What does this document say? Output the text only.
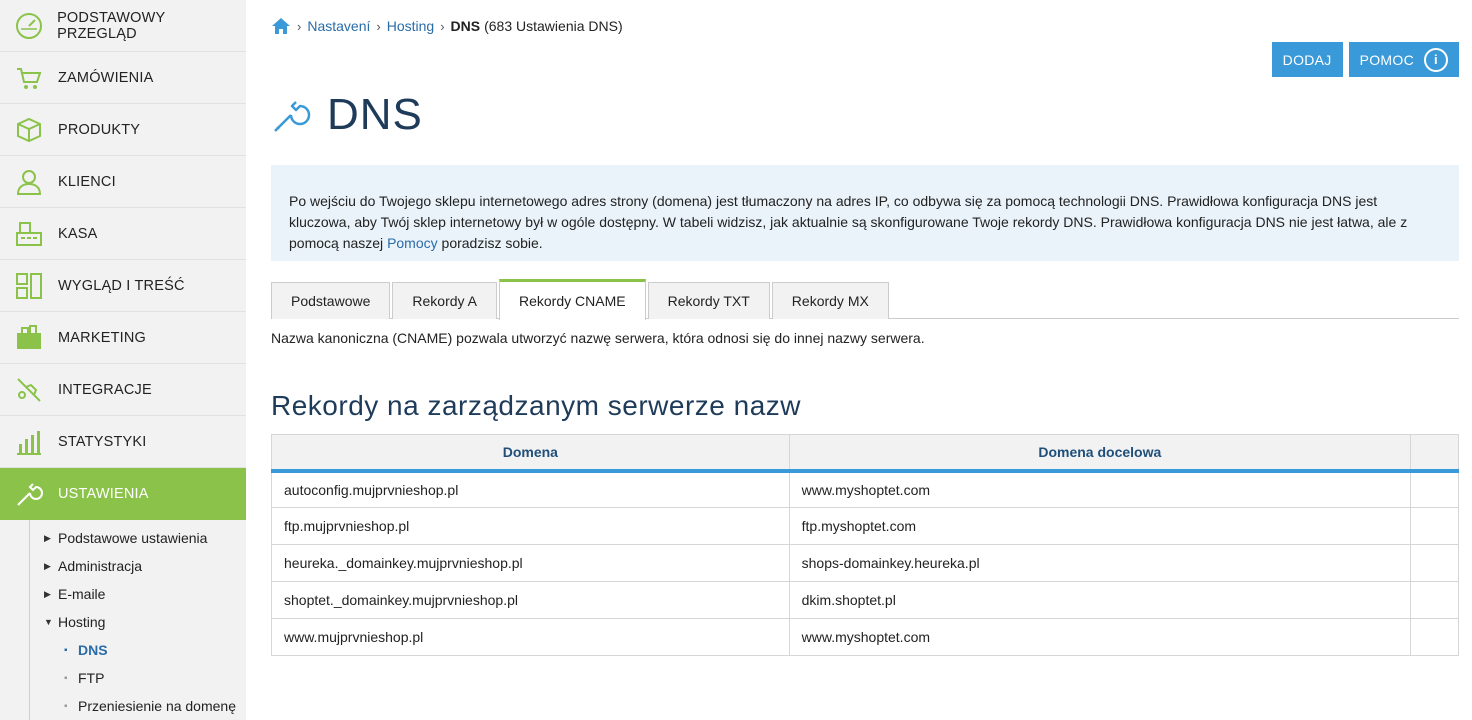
PODSTAWOWY PRZEGLĄD
ZAMÓWIENIA
PRODUKTY
KLIENCI
KASA
WYGLĄD I TREŚĆ
MARKETING
INTEGRACJE
STATYSTYKI
USTAWIENIA
▶ Podstawowe ustawienia
▶ Administracja
▶ E-maile
▼ Hosting
▪ DNS
▪ FTP
▪ Przeniesienie na domenę
› Nastavení › Hosting › DNS (683 Ustawienia DNS)
DODAJ	POMOC	i
DNS
Po wejściu do Twojego sklepu internetowego adres strony (domena) jest tłumaczony na adres IP, co odbywa się za pomocą technologii DNS. Prawidłowa konfiguracja DNS jest kluczowa, aby Twój sklep internetowy był w ogóle dostępny. W tabeli widzisz, jak aktualnie są skonfigurowane Twoje rekordy DNS. Prawidłowa konfiguracja DNS nie jest łatwa, ale z pomocą naszej Pomocy poradzisz sobie.
Podstawowe	Rekordy A	Rekordy CNAME	Rekordy TXT	Rekordy MX
Nazwa kanoniczna (CNAME) pozwala utworzyć nazwę serwera, która odnosi się do innej nazwy serwera.
Rekordy na zarządzanym serwerze nazw
Domena	Domena docelowa	
autoconfig.mujprvnieshop.pl	www.myshoptet.com	
ftp.mujprvnieshop.pl	ftp.myshoptet.com	
heureka._domainkey.mujprvnieshop.pl	shops-domainkey.heureka.pl	
shoptet._domainkey.mujprvnieshop.pl	dkim.shoptet.pl	
www.mujprvnieshop.pl	www.myshoptet.com	
